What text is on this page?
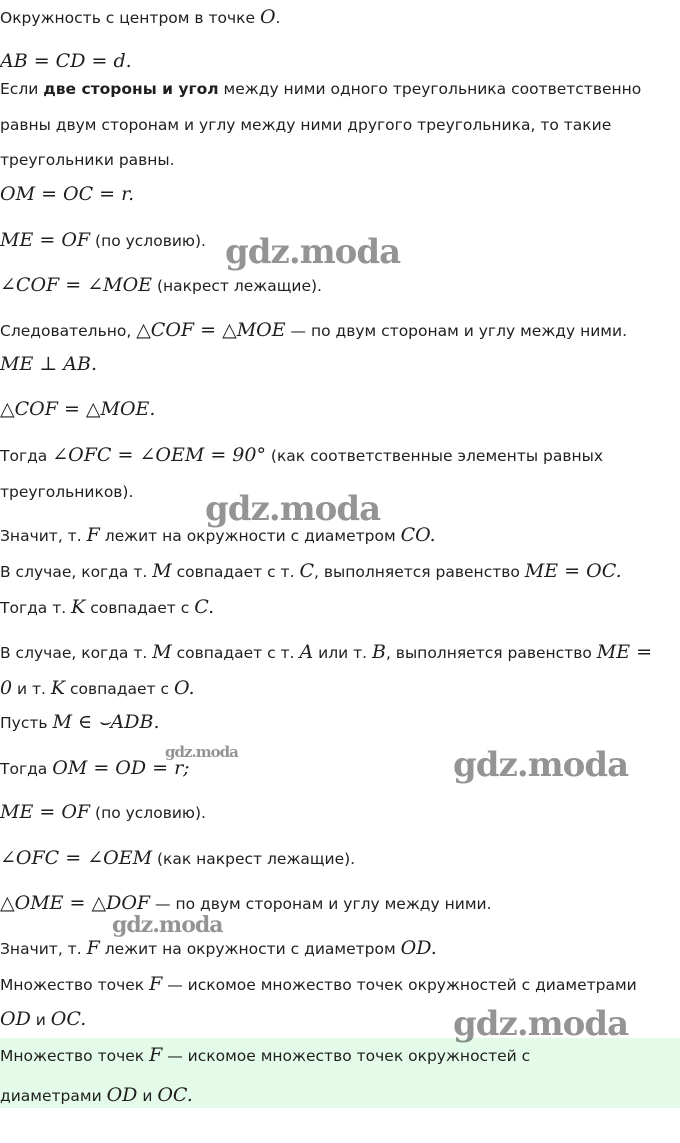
Окружность с центром в точке O.
AB = CD = d.
Если две стороны и угол между ними одного треугольника соответственно
равны двум сторонам и углу между ними другого треугольника, то такие
треугольники равны.
OM = OC = r.
ME = OF (по условию).
∠COF = ∠MOE (накрест лежащие).
Следовательно, △COF = △MOE — по двум сторонам и углу между ними.
ME ⊥ AB.
△COF = △MOE.
Тогда ∠OFC = ∠OEM = 90° (как соответственные элементы равных
треугольников).
Значит, т. F лежит на окружности с диаметром CO.
В случае, когда т. M совпадает с т. C, выполняется равенство ME = OC.
Тогда т. K совпадает с C.
В случае, когда т. M совпадает с т. A или т. B, выполняется равенство ME =
0 и т. K совпадает с O.
Пусть M ∈ ⌣ADB.
Тогда OM = OD = r;
ME = OF (по условию).
∠OFC = ∠OEM (как накрест лежащие).
△OME = △DOF — по двум сторонам и углу между ними.
Значит, т. F лежит на окружности с диаметром OD.
Множество точек F — искомое множество точек окружностей с диаметрами
OD и OC.
Множество точек F — искомое множество точек окружностей с
диаметрами OD и OC.
gdz.moda
gdz.moda
gdz.moda	gdz.moda
gdz.moda
gdz.moda
